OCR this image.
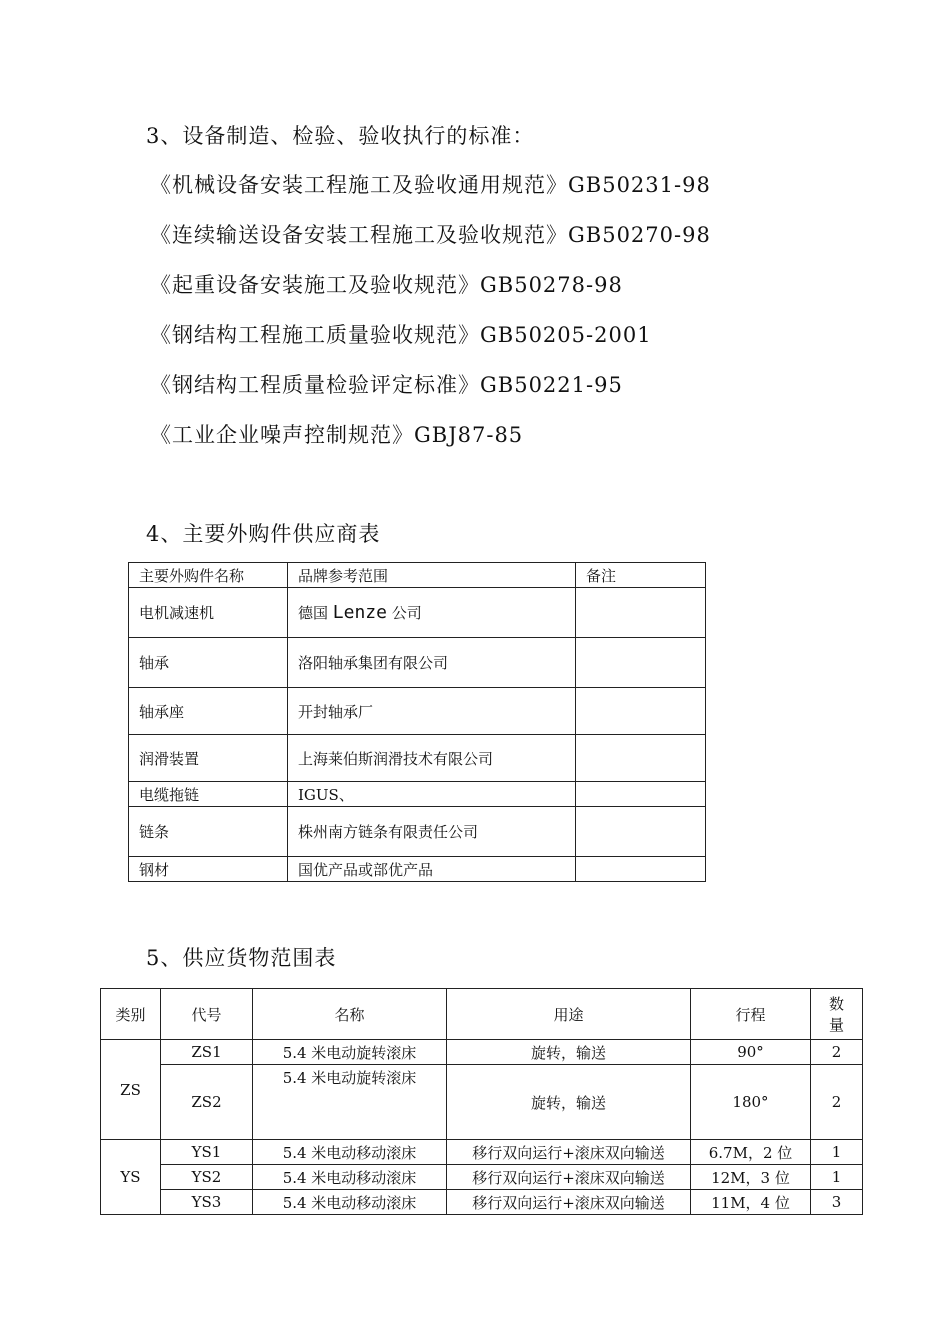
3、设备制造、检验、验收执行的标准：
《机械设备安装工程施工及验收通用规范》GB50231-98
《连续输送设备安装工程施工及验收规范》GB50270-98
《起重设备安装施工及验收规范》GB50278-98
《钢结构工程施工质量验收规范》GB50205-2001
《钢结构工程质量检验评定标准》GB50221-95
《工业企业噪声控制规范》GBJ87-85
4、主要外购件供应商表
主要外购件名称	品牌参考范围	备注
电机减速机	德国 Lenze 公司	
轴承	洛阳轴承集团有限公司	
轴承座	开封轴承厂	
润滑装置	上海莱伯斯润滑技术有限公司	
电缆拖链	IGUS、	
链条	株州南方链条有限责任公司	
钢材	国优产品或部优产品	
5、供应货物范围表
类别	代号	名称	用途	行程	数
量

ZS	ZS1	5.4 米电动旋转滚床	旋转，输送	90°	2
	ZS2	5.4 米电动旋转滚床	旋转，输送	180°	2
YS	YS1	5.4 米电动移动滚床	移行双向运行+滚床双向输送	6.7M，2 位	1
	YS2	5.4 米电动移动滚床	移行双向运行+滚床双向输送	12M，3 位	1
	YS3	5.4 米电动移动滚床	移行双向运行+滚床双向输送	11M，4 位	3
